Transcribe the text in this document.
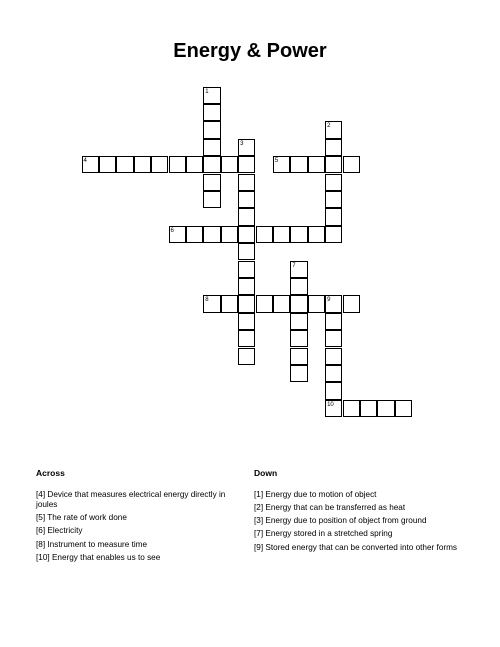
Energy & Power
1
2
3
4	5
6
7
8	9
10
Across
[4] Device that measures electrical energy directly in joules
[5] The rate of work done
[6] Electricity
[8] Instrument to measure time
[10] Energy that enables us to see
Down
[1] Energy due to motion of object
[2] Energy that can be transferred as heat
[3] Energy due to position of object from ground
[7] Energy stored in a stretched spring
[9] Stored energy that can be converted into other forms
